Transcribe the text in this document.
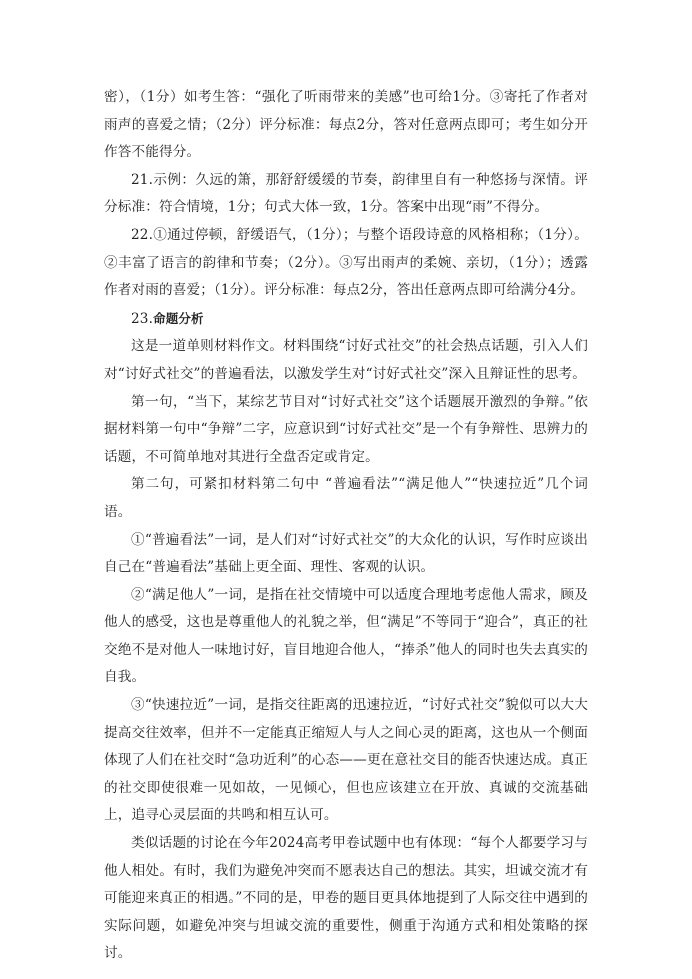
密），（1分）如考生答：“强化了听雨带来的美感”也可给1分。③寄托了作者对雨声的喜爱之情；（2分）评分标准：每点2分，答对任意两点即可；考生如分开作答不能得分。

21.示例：久远的箫，那舒舒缓缓的节奏，韵律里自有一种悠扬与深情。评分标准：符合情境，1分；句式大体一致，1分。答案中出现“雨”不得分。

22.①通过停顿，舒缓语气，（1分）；与整个语段诗意的风格相称；（1分）。②丰富了语言的韵律和节奏；（2分）。③写出雨声的柔婉、亲切，（1分）；透露作者对雨的喜爱；（1分）。评分标准：每点2分，答出任意两点即可给满分4分。

23.命题分析

这是一道单则材料作文。材料围绕“讨好式社交”的社会热点话题，引入人们对“讨好式社交”的普遍看法，以激发学生对“讨好式社交”深入且辩证性的思考。

第一句，“当下，某综艺节目对“讨好式社交”这个话题展开激烈的争辩。”依据材料第一句中“争辩”二字，应意识到“讨好式社交”是一个有争辩性、思辨力的话题，不可简单地对其进行全盘否定或肯定。

第二句，可紧扣材料第二句中 “普遍看法”“满足他人”“快速拉近”几个词语。

①“普遍看法”一词，是人们对“讨好式社交”的大众化的认识，写作时应谈出自己在“普遍看法”基础上更全面、理性、客观的认识。

②“满足他人”一词，是指在社交情境中可以适度合理地考虑他人需求，顾及他人的感受，这也是尊重他人的礼貌之举，但“满足”不等同于“迎合”，真正的社交绝不是对他人一味地讨好，盲目地迎合他人，“捧杀”他人的同时也失去真实的自我。

③“快速拉近”一词，是指交往距离的迅速拉近，“讨好式社交”貌似可以大大提高交往效率，但并不一定能真正缩短人与人之间心灵的距离，这也从一个侧面体现了人们在社交时“急功近利”的心态——更在意社交目的能否快速达成。真正的社交即使很难一见如故，一见倾心，但也应该建立在开放、真诚的交流基础上，追寻心灵层面的共鸣和相互认可。

类似话题的讨论在今年2024高考甲卷试题中也有体现：“每个人都要学习与他人相处。有时，我们为避免冲突而不愿表达自己的想法。其实，坦诚交流才有可能迎来真正的相遇。”不同的是，甲卷的题目更具体地提到了人际交往中遇到的实际问题，如避免冲突与坦诚交流的重要性，侧重于沟通方式和相处策略的探讨。
